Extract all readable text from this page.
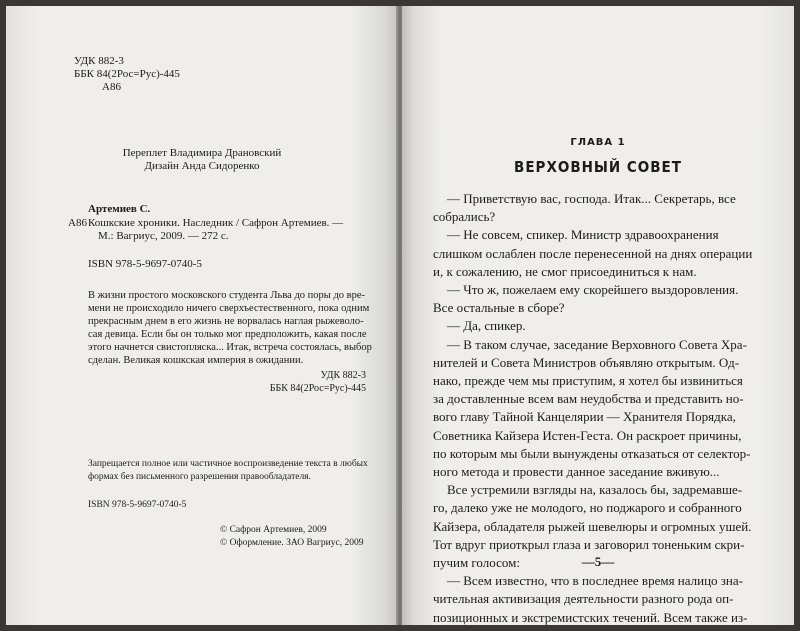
УДК 882-3
ББК 84(2Рос=Рус)-445
А86
Переплет Владимира Драновский
Дизайн Анда Сидоренко
Артемиев С.
А86 Кошкские хроники. Наследник / Сафрон Артемиев. —
М.: Вагриус, 2009. — 272 с.
ISBN 978-5-9697-0740-5
В жизни простого московского студента Льва до поры до вре-
мени не происходило ничего сверхъестественного, пока одним
прекрасным днем в его жизнь не ворвалась наглая рыжеволо-
сая девица. Если бы он только мог предположить, какая после
этого начнется свистопляска... Итак, встреча состоялась, выбор
сделан. Великая кошкская империя в ожидании.
УДК 882-3
ББК 84(2Рос=Рус)-445
Запрещается полное или частичное воспроизведение текста в любых
формах без письменного разрешения правообладателя.
ISBN 978-5-9697-0740-5
© Сафрон Артемиев, 2009
© Оформление. ЗАО Вагриус, 2009
ГЛАВА 1
ВЕРХОВНЫЙ СОВЕТ
— Приветствую вас, господа. Итак... Секретарь, все
собрались?
— Не совсем, спикер. Министр здравоохранения
слишком ослаблен после перенесенной на днях операции
и, к сожалению, не смог присоединиться к нам.
— Что ж, пожелаем ему скорейшего выздоровления.
Все остальные в сборе?
— Да, спикер.
— В таком случае, заседание Верховного Совета Хра-
нителей и Совета Министров объявляю открытым. Од-
нако, прежде чем мы приступим, я хотел бы извиниться
за доставленные всем вам неудобства и представить но-
вого главу Тайной Канцелярии — Хранителя Порядка,
Советника Кайзера Истен-Геста. Он раскроет причины,
по которым мы были вынуждены отказаться от селектор-
ного метода и провести данное заседание вживую...
Все устремили взгляды на, казалось бы, задремавше-
го, далеко уже не молодого, но поджарого и собранного
Кайзера, обладателя рыжей шевелюры и огромных ушей.
Тот вдруг приоткрыл глаза и заговорил тоненьким скри-
пучим голосом:
— Всем известно, что в последнее время налицо зна-
чительная активизация деятельности разного рода оп-
позиционных и экстремистских течений. Всем также из-
—5—
